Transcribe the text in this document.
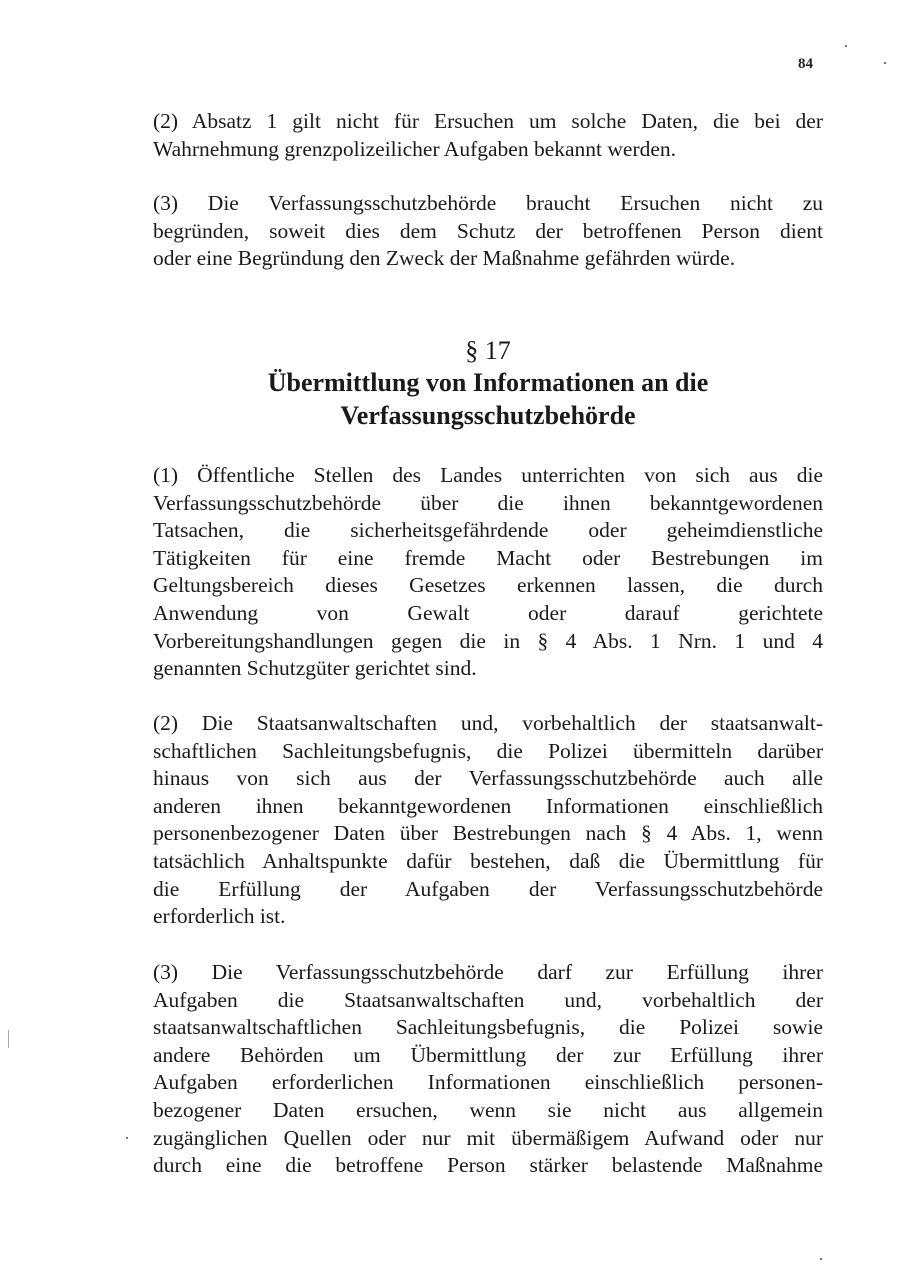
84

(2) Absatz 1 gilt nicht für Ersuchen um solche Daten, die bei der
Wahrnehmung grenzpolizeilicher Aufgaben bekannt werden.

(3) Die Verfassungsschutzbehörde braucht Ersuchen nicht zu
begründen, soweit dies dem Schutz der betroffenen Person dient
oder eine Begründung den Zweck der Maßnahme gefährden würde.

§ 17
Übermittlung von Informationen an die
Verfassungsschutzbehörde

(1) Öffentliche Stellen des Landes unterrichten von sich aus die
Verfassungsschutzbehörde über die ihnen bekanntgewordenen
Tatsachen, die sicherheitsgefährdende oder geheimdienstliche
Tätigkeiten für eine fremde Macht oder Bestrebungen im
Geltungsbereich dieses Gesetzes erkennen lassen, die durch
Anwendung von Gewalt oder darauf gerichtete
Vorbereitungshandlungen gegen die in § 4 Abs. 1 Nrn. 1 und 4
genannten Schutzgüter gerichtet sind.

(2) Die Staatsanwaltschaften und, vorbehaltlich der staatsanwalt-
schaftlichen Sachleitungsbefugnis, die Polizei übermitteln darüber
hinaus von sich aus der Verfassungsschutzbehörde auch alle
anderen ihnen bekanntgewordenen Informationen einschließlich
personenbezogener Daten über Bestrebungen nach § 4 Abs. 1, wenn
tatsächlich Anhaltspunkte dafür bestehen, daß die Übermittlung für
die Erfüllung der Aufgaben der Verfassungsschutzbehörde
erforderlich ist.

(3) Die Verfassungsschutzbehörde darf zur Erfüllung ihrer
Aufgaben die Staatsanwaltschaften und, vorbehaltlich der
staatsanwaltschaftlichen Sachleitungsbefugnis, die Polizei sowie
andere Behörden um Übermittlung der zur Erfüllung ihrer
Aufgaben erforderlichen Informationen einschließlich personen-
bezogener Daten ersuchen, wenn sie nicht aus allgemein
zugänglichen Quellen oder nur mit übermäßigem Aufwand oder nur
durch eine die betroffene Person stärker belastende Maßnahme
